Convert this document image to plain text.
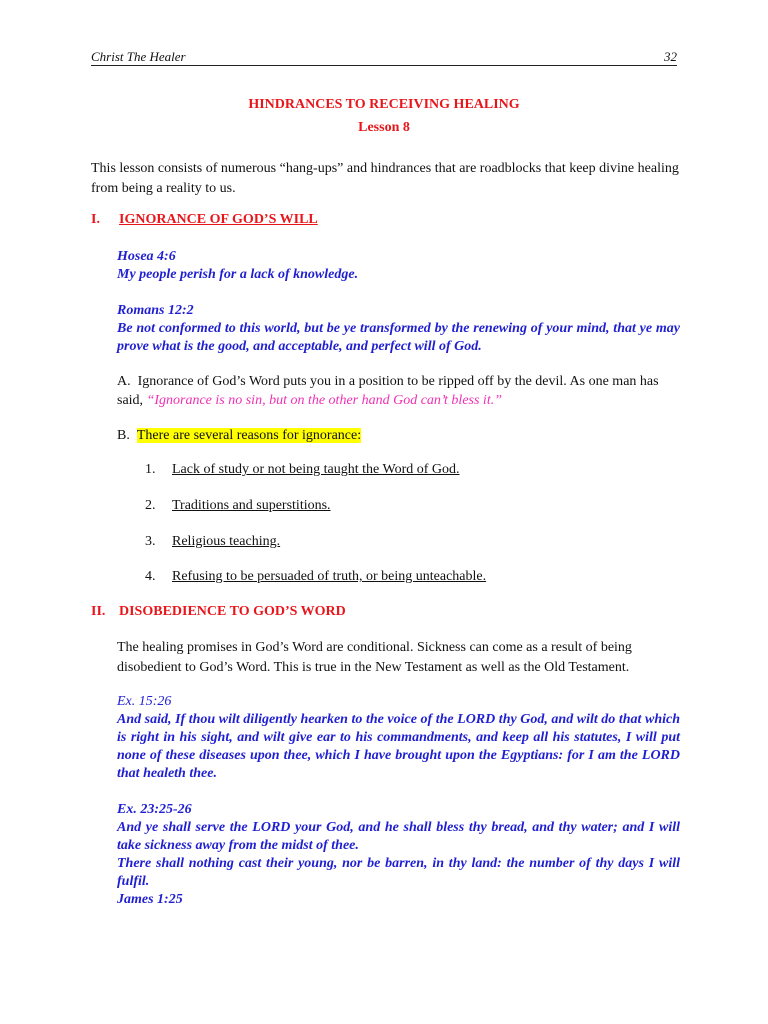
Christ The Healer	32
HINDRANCES TO RECEIVING HEALING
Lesson 8

This lesson consists of numerous “hang-ups” and hindrances that are roadblocks that keep divine healing from being a reality to us.

I. IGNORANCE OF GOD’S WILL
Hosea 4:6
My people perish for a lack of knowledge.
Romans 12:2
Be not conformed to this world, but be ye transformed by the renewing of your mind, that ye may prove what is the good, and acceptable, and perfect will of God.
A. Ignorance of God’s Word puts you in a position to be ripped off by the devil. As one man has said, “Ignorance is no sin, but on the other hand God can’t bless it.”
B. There are several reasons for ignorance:
1. Lack of study or not being taught the Word of God.
2. Traditions and superstitions.
3. Religious teaching.
4. Refusing to be persuaded of truth, or being unteachable.
II. DISOBEDIENCE TO GOD’S WORD

The healing promises in God’s Word are conditional. Sickness can come as a result of being disobedient to God’s Word. This is true in the New Testament as well as the Old Testament.

Ex. 15:26
And said, If thou wilt diligently hearken to the voice of the LORD thy God, and wilt do that which is right in his sight, and wilt give ear to his commandments, and keep all his statutes, I will put none of these diseases upon thee, which I have brought upon the Egyptians: for I am the LORD that healeth thee.
Ex. 23:25-26
And ye shall serve the LORD your God, and he shall bless thy bread, and thy water; and I will take sickness away from the midst of thee.
There shall nothing cast their young, nor be barren, in thy land: the number of thy days I will fulfil.
James 1:25
